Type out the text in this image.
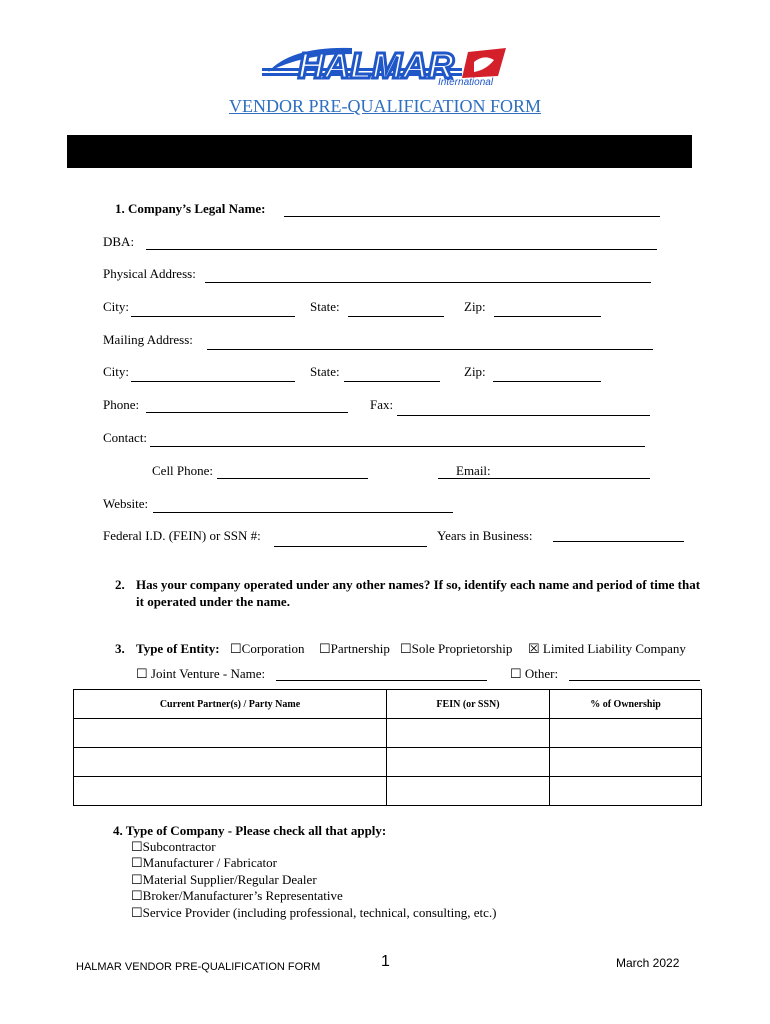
HALMAR
International
VENDOR PRE-QUALIFICATION FORM
1. Company’s Legal Name:
DBA:
Physical Address:
City:	State:	Zip:
Mailing Address:
City:	State:	Zip:
Phone:	Fax:
Contact:
Cell Phone:	Email:
Website:
Federal I.D. (FEIN) or SSN #:	Years in Business:
2. Has your company operated under any other names? If so, identify each name and period of time that
it operated under the name.
3. Type of Entity: ☐Corporation ☐Partnership ☐Sole Proprietorship ☒ Limited Liability Company
☐ Joint Venture - Name:	☐ Other:
Current Partner(s) / Party Name	FEIN (or SSN)	% of Ownership

4. Type of Company - Please check all that apply:
☐Subcontractor
☐Manufacturer / Fabricator
☐Material Supplier/Regular Dealer
☐Broker/Manufacturer’s Representative
☐Service Provider (including professional, technical, consulting, etc.)
HALMAR VENDOR PRE-QUALIFICATION FORM	1	March 2022
